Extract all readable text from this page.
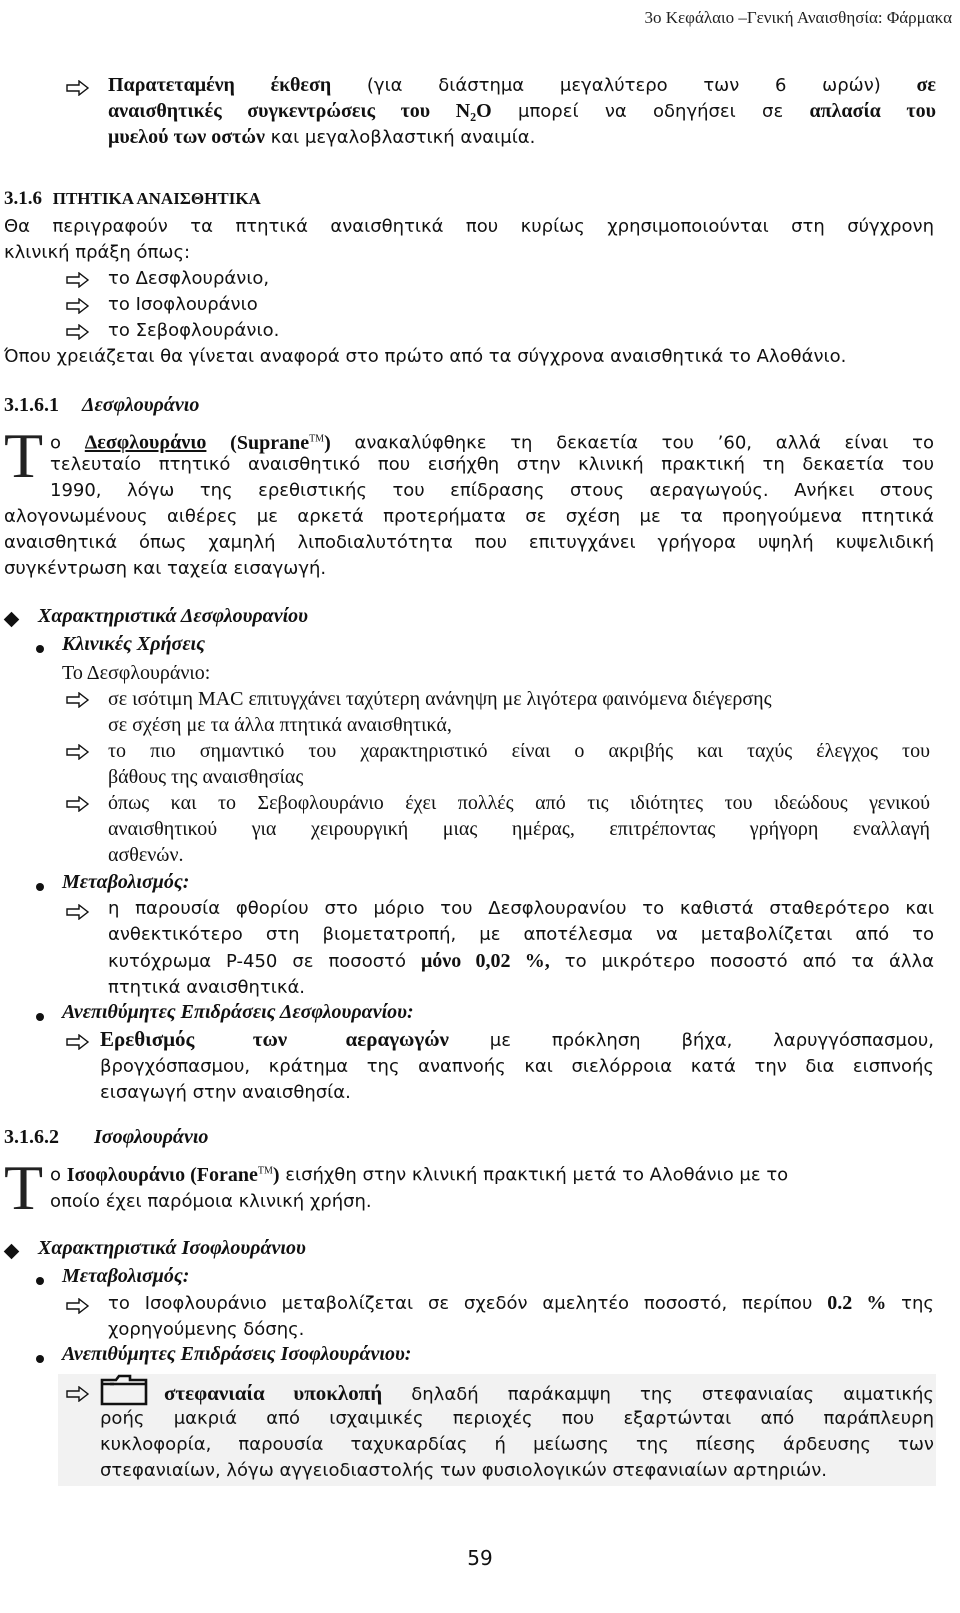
3ο Κεφάλαιο –Γενική Αναισθησία: Φάρμακα
Παρατεταμένη έκθεση (για διάστημα μεγαλύτερο των 6 ωρών) σε
αναισθητικές συγκεντρώσεις του N₂O μπορεί να οδηγήσει σε απλασία του
μυελού των οστών και μεγαλοβλαστική αναιμία.
3.1.6 ΠΤΗΤΙΚΑ ΑΝΑΙΣΘΗΤΙΚΑ
Θα περιγραφούν τα πτητικά αναισθητικά που κυρίως χρησιμοποιούνται στη σύγχρονη
κλινική πράξη όπως:
το Δεσφλουράνιο,
το Ισοφλουράνιο
το Σεβοφλουράνιο.
Όπου χρειάζεται θα γίνεται αναφορά στο πρώτο από τα σύγχρονα αναισθητικά το Αλοθάνιο.
3.1.6.1 Δεσφλουράνιο
Τ ο Δεσφλουράνιο (Suprane™) ανακαλύφθηκε τη δεκαετία του ’60, αλλά είναι το
τελευταίο πτητικό αναισθητικό που εισήχθη στην κλινική πρακτική τη δεκαετία του
1990, λόγω της ερεθιστικής του επίδρασης στους αεραγωγούς. Ανήκει στους
αλογονωμένους αιθέρες με αρκετά προτερήματα σε σχέση με τα προηγούμενα πτητικά
αναισθητικά όπως χαμηλή λιποδιαλυτότητα που επιτυγχάνει γρήγορα υψηλή κυψελιδική
συγκέντρωση και ταχεία εισαγωγή.
Χαρακτηριστικά Δεσφλουρανίου
Κλινικές Χρήσεις
Το Δεσφλουράνιο:
σε ισότιμη MAC επιτυγχάνει ταχύτερη ανάνηψη με λιγότερα φαινόμενα διέγερσης
σε σχέση με τα άλλα πτητικά αναισθητικά,
το πιο σημαντικό του χαρακτηριστικό είναι ο ακριβής και ταχύς έλεγχος του
βάθους της αναισθησίας
όπως και το Σεβοφλουράνιο έχει πολλές από τις ιδιότητες του ιδεώδους γενικού
αναισθητικού για χειρουργική μιας ημέρας, επιτρέποντας γρήγορη εναλλαγή
ασθενών.
Μεταβολισμός:
η παρουσία φθορίου στο μόριο του Δεσφλουρανίου το καθιστά σταθερότερο και
ανθεκτικότερο στη βιομετατροπή, με αποτέλεσμα να μεταβολίζεται από το
κυτόχρωμα P-450 σε ποσοστό μόνο 0,02 %, το μικρότερο ποσοστό από τα άλλα
πτητικά αναισθητικά.
Ανεπιθύμητες Επιδράσεις Δεσφλουρανίου:
Ερεθισμός των αεραγωγών με πρόκληση βήχα, λαρυγγόσπασμου,
βρογχόσπασμου, κράτημα της αναπνοής και σιελόρροια κατά την δια εισπνοής
εισαγωγή στην αναισθησία.
3.1.6.2 Ισοφλουράνιο
Τ ο Ισοφλουράνιο (Forane™) εισήχθη στην κλινική πρακτική μετά το Αλοθάνιο με το
οποίο έχει παρόμοια κλινική χρήση.
Χαρακτηριστικά Ισοφλουράνιου
Μεταβολισμός:
το Ισοφλουράνιο μεταβολίζεται σε σχεδόν αμελητέο ποσοστό, περίπου 0.2 % της
χορηγούμενης δόσης.
Ανεπιθύμητες Επιδράσεις Ισοφλουράνιου:
στεφανιαία υποκλοπή δηλαδή παράκαμψη της στεφανιαίας αιματικής
ροής μακριά από ισχαιμικές περιοχές που εξαρτώνται από παράπλευρη
κυκλοφορία, παρουσία ταχυκαρδίας ή μείωσης της πίεσης άρδευσης των
στεφανιαίων, λόγω αγγειοδιαστολής των φυσιολογικών στεφανιαίων αρτηριών.
59
